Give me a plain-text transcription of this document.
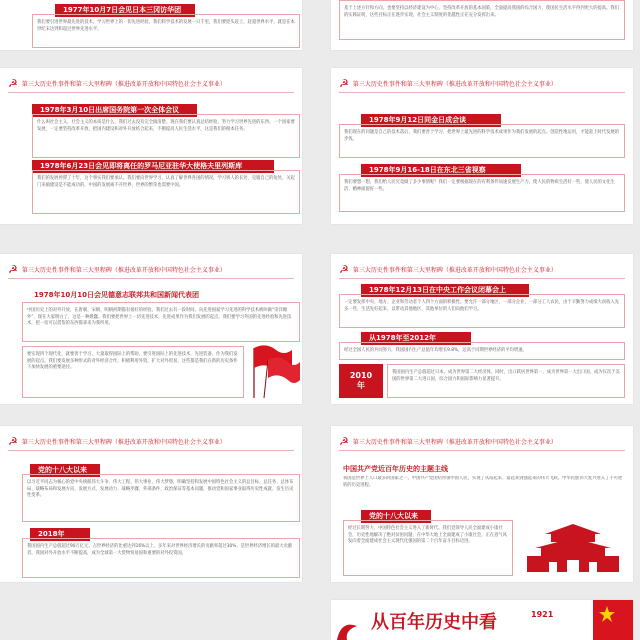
1977年10月7日会见日本三冈访华团
我们要引进世界最先进的技术，学习世界上的一切先进经验。我们科学技术的发展一日千里，我们要迎头赶上，赶超世界水平，就是在本世纪末达到和超过世界先进水平。
基于上述方针和方向，也要坚持以经济建设为中心，坚持改革开放的基本国策，全面提高我国的综合国力，使国民生活水平得到更大的提高。我们的实践证明，这些目标正在逐步实现，社会主义制度的优越性正在充分发挥出来。
☭ 第三大历史性事件和第三大里程碑（推进改革开放和中国特色社会主义事业）
1978年3月10日出席国务院第一次全体会议
什么叫社会主义，社会主义的本质是什么，我们过去没有完全搞清楚。现在我们要认真总结经验，努力学习世界先进的东西。一个国家要发展，一定要坚持改革开放，把国内建设和对外开放结合起来，不断提高人民生活水平，这是我们的根本任务。
1978年6月23日会见即将离任的罗马尼亚驻华大使格夫里列斯库
我们的发展停滞了十年，这个事实我们要承认。我们要向世界学习，认真了解世界各国的情况，学习别人的长处，克服自己的短处。关起门来搞建设是不能成功的，中国的发展离不开世界，世界的繁荣也需要中国。
☭ 第三大历史性事件和第三大里程碑（推进改革开放和中国特色社会主义事业）
1978年9月12日同金日成会谈
我们现在的问题是自己的技术落后，我们要善于学习，把世界上最先进的科学技术成果作为我们发展的起点。创造性地运用，才能赶上时代发展的步伐。
1978年9月16-18日在东北三省视察
我们要想一想，我们给人民究竟做了多少事情呢？我们一定要根据现在的有利条件加速发展生产力，使人民的物质生活好一些，使人民的文化生活、精神面貌好一些。
☭ 第三大历史性事件和第三大里程碑（推进改革开放和中国特色社会主义事业）
1978年10月10日会见德意志联邦共和国新闻代表团
中国历史上的对外开放，在唐朝、宋朝、明朝初期都有很好的经验。我们过去有一段时间，向先进国家学习先进的科学技术被叫做“崇洋媚外”，现在大家明白了，这是一种愚蠢。我们要把世界上一切先进技术、先进成果作为我们发展的起点。我们要学习外国的先进经验和先进技术，把一切可以借鉴的东西都拿来为我所用。
要实现四个现代化，就要善于学习，大量取得国际上的帮助。要引进国际上的先进技术、先进装备，作为我们发展的起点。我们要发展多种形式的对外经济合作，积极利用外资，扩大对外贸易，这些都是我们在新的历史条件下加快发展的重要途径。
☭ 第三大历史性事件和第三大里程碑（推进改革开放和中国特色社会主义事业）
1978年12月13日在中央工作会议闭幕会上
一定要发挥中央、地方、企业和劳动者个人四个方面的积极性。要允许一部分地区、一部分企业、一部分工人农民，由于辛勤努力成绩大而收入先多一些，生活先好起来，以带动其他地区、其他单位的人们向他们学习。
从1978年至2012年
经过全国人民的共同努力，我国国内生产总值年均增长9.8%，远高于同期世界经济的平均增速。
2010
年
我国国内生产总值超过日本，成为世界第二大经济体。同时，出口跃居世界第一，成为世界第一大出口国，成为仅次于美国的世界第二大进口国，综合国力和国际影响力显著提升。
☭ 第三大历史性事件和第三大里程碑（推进改革开放和中国特色社会主义事业）
党的十八大以来
以习近平同志为核心的党中央统揽伟大斗争、伟大工程、伟大事业、伟大梦想，明确坚持和发展中国特色社会主义的总目标、总任务、总体布局、战略布局和发展方向、发展方式、发展动力、战略步骤、外部条件、政治保证等基本问题，推动党和国家事业取得历史性成就、发生历史性变革。
2018年
我国国内生产总值超过90万亿元，占世界经济的比重达到16%以上，多年来对世界经济增长的贡献率超过30%，是世界经济增长的最大贡献者。我国对外开放水平不断提高，成为全球第一大货物贸易国和重要的对外投资国。
☭ 第三大历史性事件和第三大里程碑（推进改革开放和中国特色社会主义事业）
中国共产党近百年历史的主题主线
我国是世界上人口最多的国家之一。中国共产党团结带领中国人民，实现了从站起来、富起来到强起来的伟大飞跃，中华民族伟大复兴进入了不可逆转的历史进程。
党的十八大以来
经过长期努力，中国特色社会主义进入了新时代。我们党领导人民全面建成小康社会，历史性地解决了绝对贫困问题，在中华大地上全面建成了小康社会，正在意气风发向着全面建成社会主义现代化强国的第二个百年奋斗目标迈进。
从百年历史中看	1921
